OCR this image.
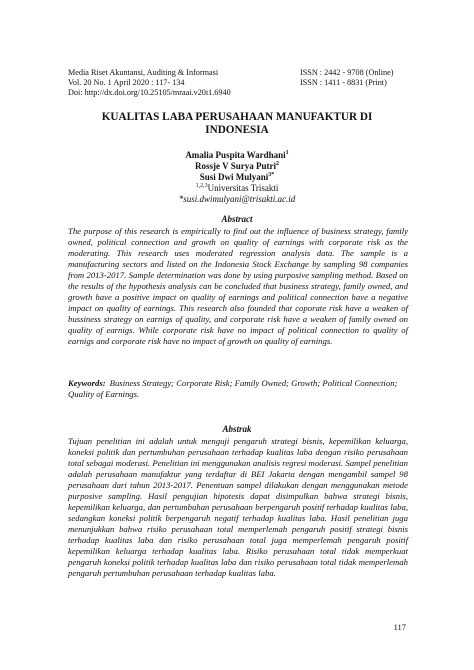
Media Riset Akuntansi, Auditing & Informasi
Vol. 20 No. 1 April 2020 : 117- 134
Doi: http://dx.doi.org/10.25105/mraai.v20i1.6940
ISSN : 2442 - 9708 (Online)
ISSN : 1411 - 8831 (Print)
KUALITAS LABA PERUSAHAAN MANUFAKTUR DI
INDONESIA
Amalia Puspita Wardhani$^1$
Rossje V Surya Putri$^2$
Susi Dwi Mulyani$^{3*}$
$^{1,2,3}$Universitas Trisakti
*susi.dwimulyani@trisakti.ac.id
Abstract
The purpose of this research is empirically to find out the influence of business strategy, family owned, political connection and growth on quality of earnings with corporate risk as the moderating. This research uses moderated regression analysis data. The sample is a manufacturing sectors and listed on the Indonesia Stock Exchange by sampling 98 companies from 2013-2017. Sample determination was done by using purposive sampling method. Based on the results of the hypothesis analysis can be concluded that business strategy, family owned, and growth have a positive impact on quality of earnings and political connection have a negative impact on quality of earnings. This research also founded that coporate risk have a weaken of bussiness strategy on earnigs of quality, and corporate risk have a weaken of family owned on quality of earnigs. While corporate risk have no impact of political connection to quality of earnigs and corporate risk have no impact of growth on quality of earnings.
Keywords: Business Strategy; Corporate Risk; Family Owned; Growth; Political Connection; Quality of Earnings.
Abstrak
Tujuan penelitian ini adalah untuk menguji pengaruh strategi bisnis, kepemilikan keluarga, koneksi politik dan pertumbuhan perusahaan terhadap kualitas laba dengan risiko perusahaan total sebagai moderasi. Penelitian ini menggunakan analisis regresi moderasi. Sampel penelitian adalah perusahaan manufaktur yang terdaftar di BEI Jakarta dengan mengambil sampel 98 perusahaan dari tahun 2013-2017. Penentuan sampel dilakukan dengan menggunakan metode purposive sampling. Hasil pengujian hipotesis dapat disimpulkan bahwa strategi bisnis, kepemilikan keluarga, dan pertumbuhan perusahaan berpengaruh positif terhadap kualitas laba, sedangkan koneksi politik berpengaruh negatif terhadap kualitas laba. Hasil penelitian juga menunjukkan bahwa risiko perusahaan total memperlemah pengaruh positif strategi bisnis terhadap kualitas laba dan risiko perusahaan total juga memperlemah pengaruh positif kepemilikan keluarga terhadap kualitas laba. Risiko perusahaan total tidak memperkuat pengaruh koneksi politik terhadap kualitas laba dan risiko perusahaan total tidak memperlemah pengaruh pertumbuhan perusahaan terhadap kualitas laba.
117
